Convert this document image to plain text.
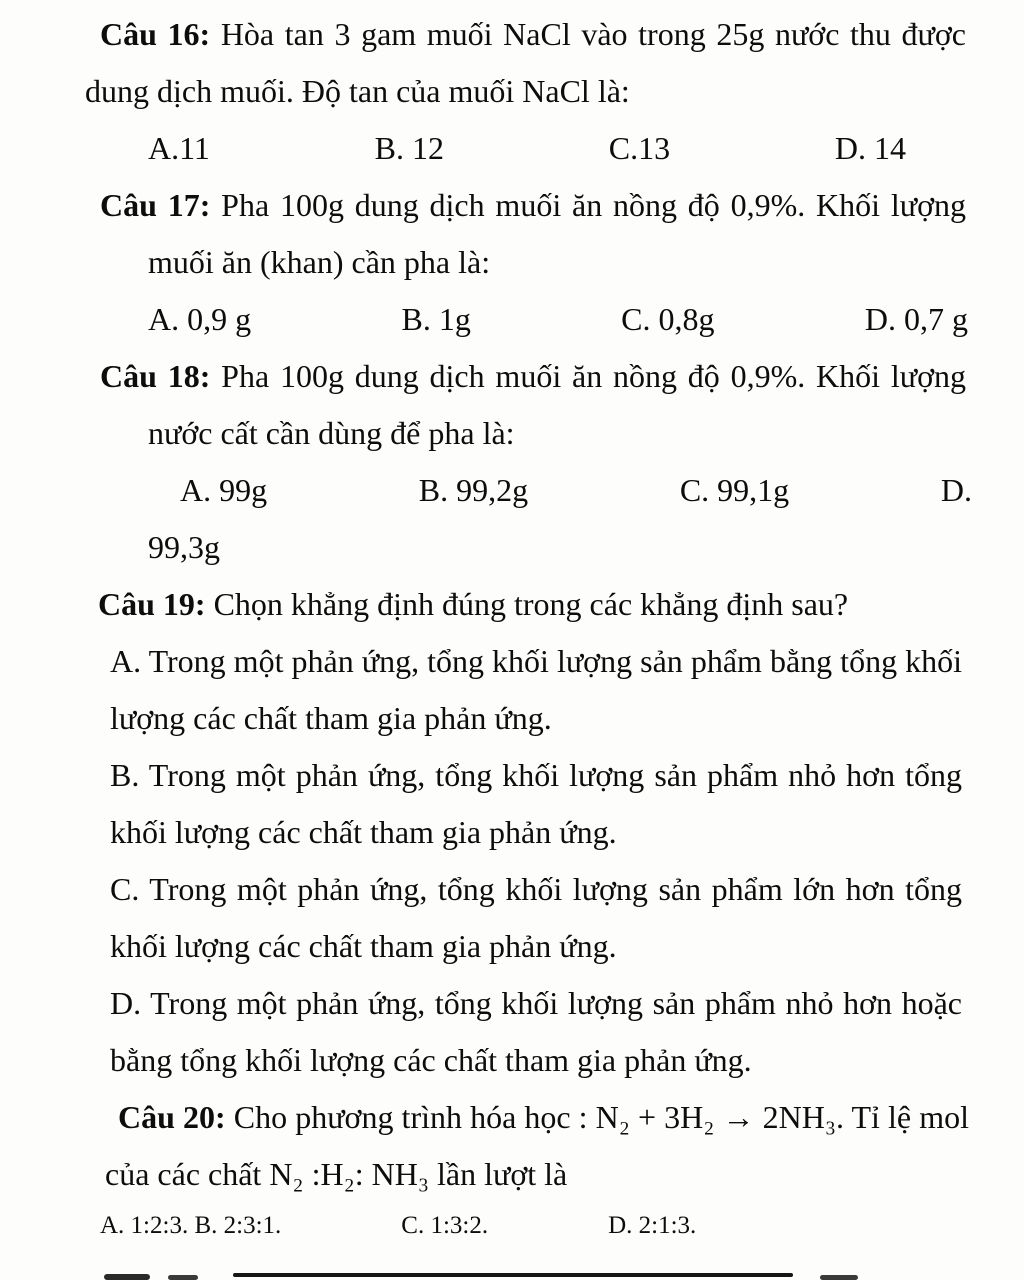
Câu 16: Hòa tan 3 gam muối NaCl vào trong 25g nước thu được dung dịch muối. Độ tan của muối NaCl là:

A.11	B. 12	C.13	D. 14

Câu 17: Pha 100g dung dịch muối ăn nồng độ 0,9%. Khối lượng muối ăn (khan) cần pha là:

A. 0,9 g	B. 1g	C. 0,8g	D. 0,7 g

Câu 18: Pha 100g dung dịch muối ăn nồng độ 0,9%. Khối lượng nước cất cần dùng để pha là:

A. 99g	B. 99,2g	C. 99,1g	D.
99,3g

Câu 19: Chọn khẳng định đúng trong các khẳng định sau?

A. Trong một phản ứng, tổng khối lượng sản phẩm bằng tổng khối lượng các chất tham gia phản ứng.

B. Trong một phản ứng, tổng khối lượng sản phẩm nhỏ hơn tổng khối lượng các chất tham gia phản ứng.

C. Trong một phản ứng, tổng khối lượng sản phẩm lớn hơn tổng khối lượng các chất tham gia phản ứng.

D. Trong một phản ứng, tổng khối lượng sản phẩm nhỏ hơn hoặc bằng tổng khối lượng các chất tham gia phản ứng.

Câu 20: Cho phương trình hóa học : N₂ + 3H₂ → 2NH₃. Tỉ lệ mol của các chất N₂ :H₂: NH₃ lần lượt là

A. 1:2:3. B. 2:3:1.	C. 1:3:2.	D. 2:1:3.
